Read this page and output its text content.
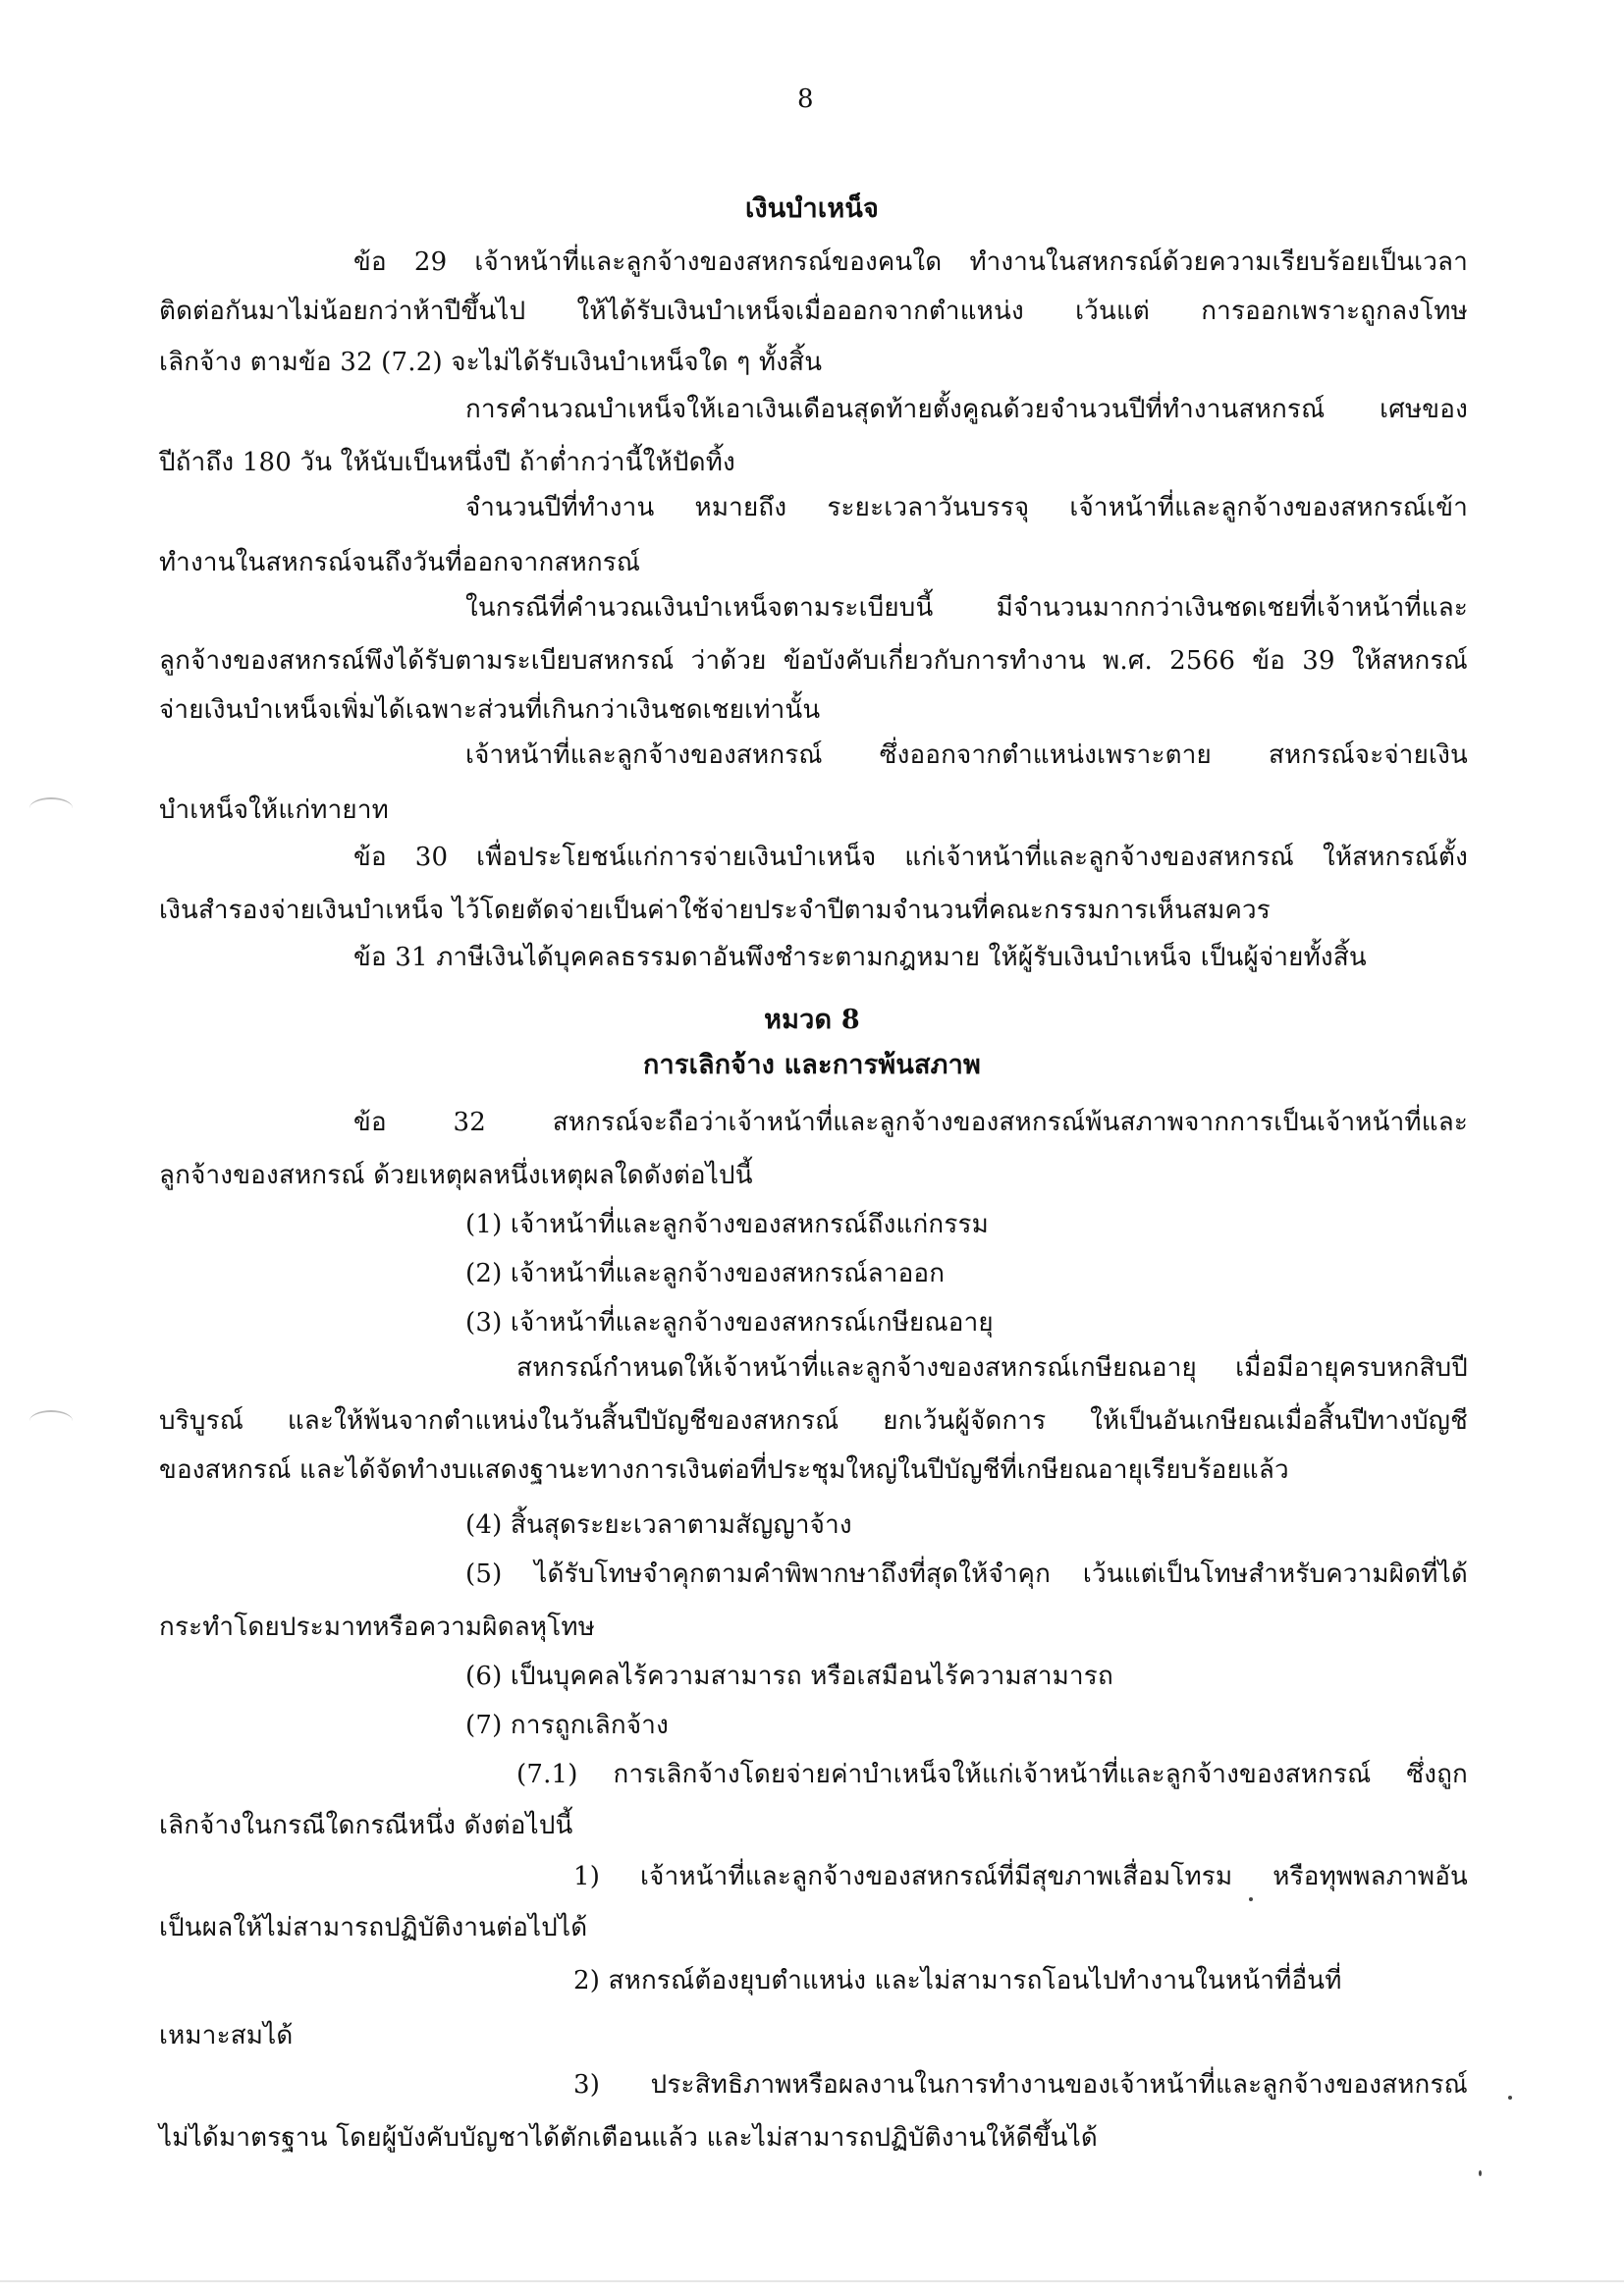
8
เงินบำเหน็จ
ข้อ 29 เจ้าหน้าที่และลูกจ้างของสหกรณ์ของคนใด ทำงานในสหกรณ์ด้วยความเรียบร้อยเป็นเวลา
ติดต่อกันมาไม่น้อยกว่าห้าปีขึ้นไป ให้ได้รับเงินบำเหน็จเมื่อออกจากตำแหน่ง เว้นแต่ การออกเพราะถูกลงโทษ
เลิกจ้าง ตามข้อ 32 (7.2) จะไม่ได้รับเงินบำเหน็จใด ๆ ทั้งสิ้น
การคำนวณบำเหน็จให้เอาเงินเดือนสุดท้ายตั้งคูณด้วยจำนวนปีที่ทำงานสหกรณ์ เศษของ
ปีถ้าถึง 180 วัน ให้นับเป็นหนึ่งปี ถ้าต่ำกว่านี้ให้ปัดทิ้ง
จำนวนปีที่ทำงาน หมายถึง ระยะเวลาวันบรรจุ เจ้าหน้าที่และลูกจ้างของสหกรณ์เข้า
ทำงานในสหกรณ์จนถึงวันที่ออกจากสหกรณ์
ในกรณีที่คำนวณเงินบำเหน็จตามระเบียบนี้ มีจำนวนมากกว่าเงินชดเชยที่เจ้าหน้าที่และ
ลูกจ้างของสหกรณ์พึงได้รับตามระเบียบสหกรณ์ ว่าด้วย ข้อบังคับเกี่ยวกับการทำงาน พ.ศ. 2566 ข้อ 39 ให้สหกรณ์
จ่ายเงินบำเหน็จเพิ่มได้เฉพาะส่วนที่เกินกว่าเงินชดเชยเท่านั้น
เจ้าหน้าที่และลูกจ้างของสหกรณ์ ซึ่งออกจากตำแหน่งเพราะตาย สหกรณ์จะจ่ายเงิน
บำเหน็จให้แก่ทายาท
ข้อ 30 เพื่อประโยชน์แก่การจ่ายเงินบำเหน็จ แก่เจ้าหน้าที่และลูกจ้างของสหกรณ์ ให้สหกรณ์ตั้ง
เงินสำรองจ่ายเงินบำเหน็จ ไว้โดยตัดจ่ายเป็นค่าใช้จ่ายประจำปีตามจำนวนที่คณะกรรมการเห็นสมควร
ข้อ 31 ภาษีเงินได้บุคคลธรรมดาอันพึงชำระตามกฎหมาย ให้ผู้รับเงินบำเหน็จ เป็นผู้จ่ายทั้งสิ้น
หมวด 8
การเลิกจ้าง และการพ้นสภาพ
ข้อ 32 สหกรณ์จะถือว่าเจ้าหน้าที่และลูกจ้างของสหกรณ์พ้นสภาพจากการเป็นเจ้าหน้าที่และ
ลูกจ้างของสหกรณ์ ด้วยเหตุผลหนึ่งเหตุผลใดดังต่อไปนี้
(1) เจ้าหน้าที่และลูกจ้างของสหกรณ์ถึงแก่กรรม
(2) เจ้าหน้าที่และลูกจ้างของสหกรณ์ลาออก
(3) เจ้าหน้าที่และลูกจ้างของสหกรณ์เกษียณอายุ
สหกรณ์กำหนดให้เจ้าหน้าที่และลูกจ้างของสหกรณ์เกษียณอายุ เมื่อมีอายุครบหกสิบปี
บริบูรณ์ และให้พ้นจากตำแหน่งในวันสิ้นปีบัญชีของสหกรณ์ ยกเว้นผู้จัดการ ให้เป็นอันเกษียณเมื่อสิ้นปีทางบัญชี
ของสหกรณ์ และได้จัดทำงบแสดงฐานะทางการเงินต่อที่ประชุมใหญ่ในปีบัญชีที่เกษียณอายุเรียบร้อยแล้ว
(4) สิ้นสุดระยะเวลาตามสัญญาจ้าง
(5) ได้รับโทษจำคุกตามคำพิพากษาถึงที่สุดให้จำคุก เว้นแต่เป็นโทษสำหรับความผิดที่ได้
กระทำโดยประมาทหรือความผิดลหุโทษ
(6) เป็นบุคคลไร้ความสามารถ หรือเสมือนไร้ความสามารถ
(7) การถูกเลิกจ้าง
(7.1) การเลิกจ้างโดยจ่ายค่าบำเหน็จให้แก่เจ้าหน้าที่และลูกจ้างของสหกรณ์ ซึ่งถูก
เลิกจ้างในกรณีใดกรณีหนึ่ง ดังต่อไปนี้
1) เจ้าหน้าที่และลูกจ้างของสหกรณ์ที่มีสุขภาพเสื่อมโทรม หรือทุพพลภาพอัน
เป็นผลให้ไม่สามารถปฏิบัติงานต่อไปได้
2) สหกรณ์ต้องยุบตำแหน่ง และไม่สามารถโอนไปทำงานในหน้าที่อื่นที่
เหมาะสมได้
3) ประสิทธิภาพหรือผลงานในการทำงานของเจ้าหน้าที่และลูกจ้างของสหกรณ์
ไม่ได้มาตรฐาน โดยผู้บังคับบัญชาได้ตักเตือนแล้ว และไม่สามารถปฏิบัติงานให้ดีขึ้นได้
